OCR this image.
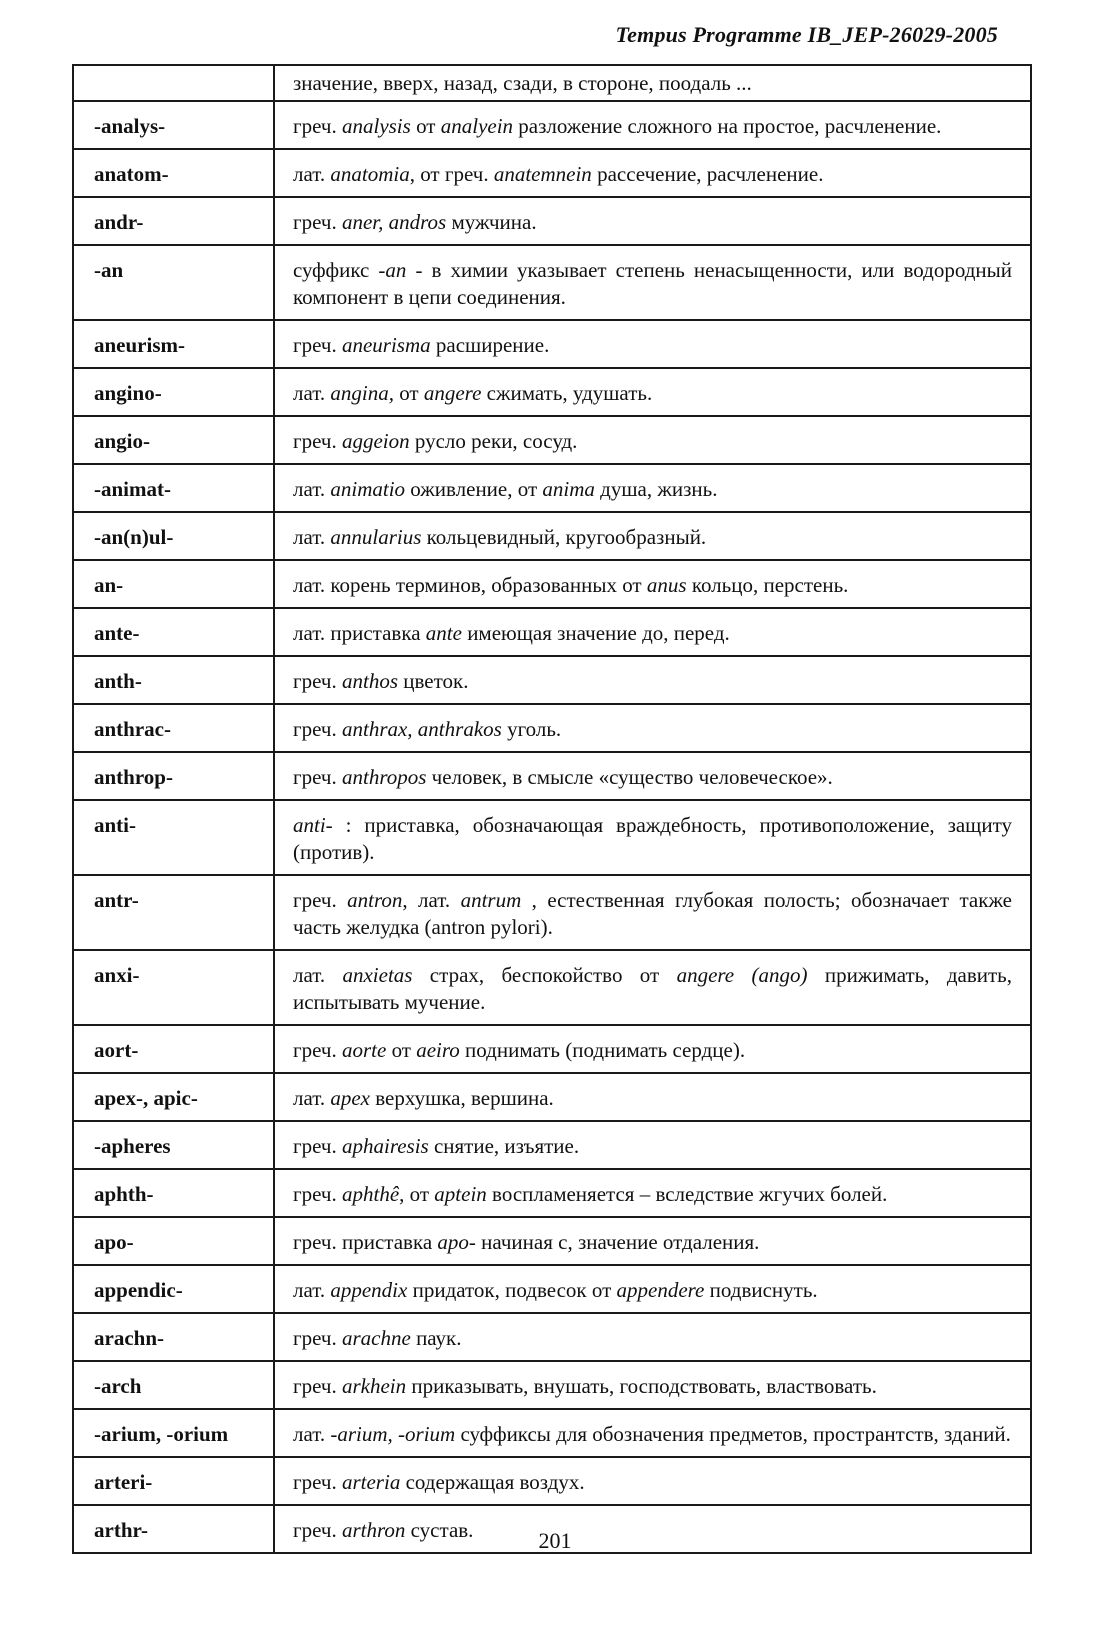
Tempus Programme IB_JEP-26029-2005
	значение, вверх, назад, сзади, в стороне, поодаль ...
-analys-	греч. analysis от analyein разложение сложного на простое, расчленение.
anatom-	лат. anatomia, от греч. anatemnein рассечение, расчленение.
andr-	греч. aner, andros мужчина.
-an	суффикс -an - в химии указывает степень ненасыщенности, или водородный компонент в цепи соединения.
aneurism-	греч. aneurisma расширение.
angino-	лат. angina, от angere сжимать, удушать.
angio-	греч. aggeion русло реки, сосуд.
-animat-	лат. animatio оживление, от anima душа, жизнь.
-an(n)ul-	лат. annularius кольцевидный, кругообразный.
an-	лат. корень терминов, образованных от anus кольцо, перстень.
ante-	лат. приставка ante имеющая значение до, перед.
anth-	греч. anthos цветок.
anthrac-	греч. anthrax, anthrakos уголь.
anthrop-	греч. anthropos человек, в смысле «существо человеческое».
anti-	anti- : приставка, обозначающая враждебность, противоположение, защиту (против).
antr-	греч. antron, лат. antrum , естественная глубокая полость; обозначает также часть желудка (antron pylori).
anxi-	лат. anxietas страх, беспокойство от angere (ango) прижимать, давить, испытывать мучение.
aort-	греч. aorte от aeiro поднимать (поднимать сердце).
apex-, apic-	лат. apex верхушка, вершина.
-apheres	греч. aphairesis снятие, изъятие.
aphth-	греч. aphthê, от aptein воспламеняется – вследствие жгучих болей.
apo-	греч. приставка apo- начиная с, значение отдаления.
appendic-	лат. appendix придаток, подвесок от appendere подвиснуть.
arachn-	греч. arachne паук.
-arch	греч. arkhein приказывать, внушать, господствовать, властвовать.
-arium, -orium	лат. -arium, -orium суффиксы для обозначения предметов, пространтств, зданий.
arteri-	греч. arteria содержащая воздух.
arthr-	греч. arthron сустав.	201
